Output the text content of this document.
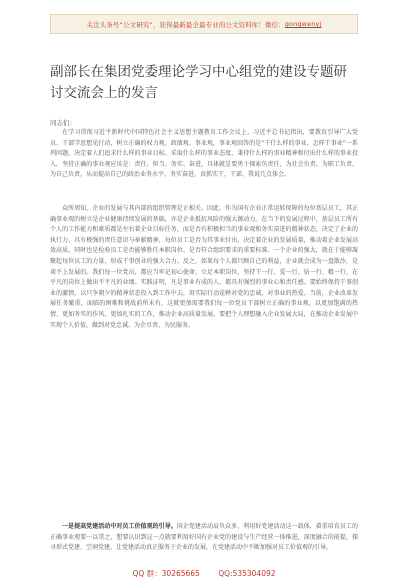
关注头条号“公文研究”，获得最新最全最专业的公文资料库！ 微信： gongwenyj
副部长在集团党委理论学习中心组党的建设专题研讨交流会上的发言
同志们：

在学习贯彻习近平新时代中国特色社会主义思想主题教育工作会议上，习近平总书记指出，要教育引导广大党员、干部学思想见行动，树立正确的权力观、政绩观、事业观，事业观回答的是“干什么样的事业、怎样干事业”一系列问题，决定着人们追求什么样的事业目标、采取什么样的事业态度、秉持什么样的事业精神和付出什么样的事业投入。坚持正确的事业观应该是：责任、担当、务实、奋进，具体就是要勇于探索负责任、为社会负责、为职工负责，为自己负责，从而提高自己的政治业务水平，务实奋进，真抓实干，干部、我说几点体会。

众所周知，企业的发展与其内部的组织管理是正相关。因此，作为国有企业正常运转保障的每位基层员工，其正确事业观的树立是企业健康持续发展的基础，亦是企业抵抗风险的强大源动力。在当下的发展过程中，基层员工所有个人的工作能力和素质都是左右着企业目标任务，而是否有积极担当的事业观和务实奋进的精神状态，决定了企业的执行力，具有极强的责任意识与奉献精神，每位员工是否为其事业付出，决定着企业的发展质量，推动着企业发展高效高质，同时也是检验员工是否能够胜任本职岗位、是否符合组织要求的重要标准。一个企业的强大，就在于能够凝聚起每位员工的力量，形成干事创业的强大合力。反之，如果每个人都只顾自己的利益，企业就会成为一盘散沙，是谈不上发展的。我们每一位党员，都应当牢记初心使命，立足本职岗位，坚持干一行、爱一行、钻一行、精一行，在平凡的岗位上做出不平凡的业绩。实践证明，凡是事业有成的人，都具有强烈的事业心和责任感。要始终保持干事创业的激情，以只争朝夕的精神状态投入到工作中去，用实际行动诠释对党的忠诚、对事业的热爱。当前，企业改革发展任务繁重，面临的困难和挑战前所未有，这就更加需要我们每一位党员干部树立正确的事业观，以更加饱满的热情、更加务实的作风、更加扎实的工作，推动企业高质量发展。要把个人理想融入企业发展大局，在推动企业发展中实现个人价值，做到对党忠诚、为企尽责、为民服务。

一是提高党建活动中对员工价值观的引导。国企党建活动肩负众多，利用好党建活动这一载体，着重培育员工的正确事业观要一以贯之，想要认识到这一点就要利用好国有企业党的建设与生产经营一体推进，深度融合的前提，探寻形式党建、空洞党建，让党建活动真正服务于企业的发展，在党建活动中不断加强对员工价值观的引导。

QQ 群：30265665 QQ:535304092
